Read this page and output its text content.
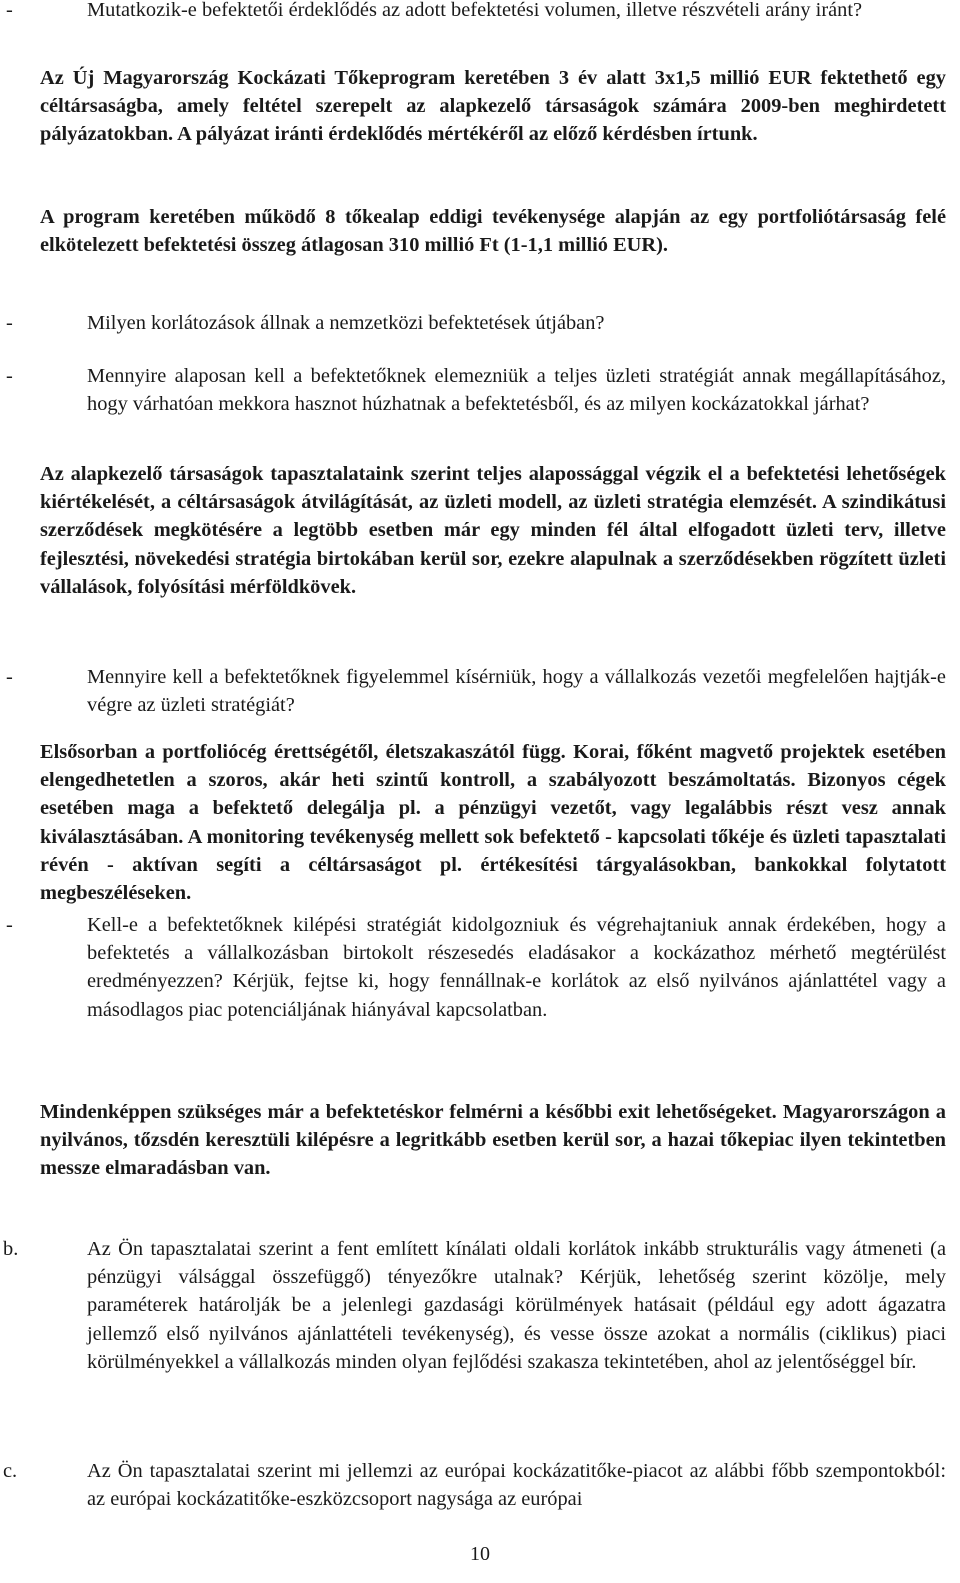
-	Mutatkozik-e befektetői érdeklődés az adott befektetési volumen, illetve részvételi arány iránt?

Az Új Magyarország Kockázati Tőkeprogram keretében 3 év alatt 3x1,5 millió EUR fektethető egy céltársaságba, amely feltétel szerepelt az alapkezelő társaságok számára 2009-ben meghirdetett pályázatokban. A pályázat iránti érdeklődés mértékéről az előző kérdésben írtunk.

A program keretében működő 8 tőkealap eddigi tevékenysége alapján az egy portfoliótársaság felé elkötelezett befektetési összeg átlagosan 310 millió Ft (1-1,1 millió EUR).

-	Milyen korlátozások állnak a nemzetközi befektetések útjában?

-	Mennyire alaposan kell a befektetőknek elemezniük a teljes üzleti stratégiát annak megállapításához, hogy várhatóan mekkora hasznot húzhatnak a befektetésből, és az milyen kockázatokkal járhat?

Az alapkezelő társaságok tapasztalataink szerint teljes alapossággal végzik el a befektetési lehetőségek kiértékelését, a céltársaságok átvilágítását, az üzleti modell, az üzleti stratégia elemzését. A szindikátusi szerződések megkötésére a legtöbb esetben már egy minden fél által elfogadott üzleti terv, illetve fejlesztési, növekedési stratégia birtokában kerül sor, ezekre alapulnak a szerződésekben rögzített üzleti vállalások, folyósítási mérföldkövek.

-	Mennyire kell a befektetőknek figyelemmel kísérniük, hogy a vállalkozás vezetői megfelelően hajtják-e végre az üzleti stratégiát?

Elsősorban a portfoliócég érettségétől, életszakaszától függ. Korai, főként magvető projektek esetében elengedhetetlen a szoros, akár heti szintű kontroll, a szabályozott beszámoltatás. Bizonyos cégek esetében maga a befektető delegálja pl. a pénzügyi vezetőt, vagy legalábbis részt vesz annak kiválasztásában. A monitoring tevékenység mellett sok befektető - kapcsolati tőkéje és üzleti tapasztalati révén - aktívan segíti a céltársaságot pl. értékesítési tárgyalásokban, bankokkal folytatott megbeszéléseken.

-	Kell-e a befektetőknek kilépési stratégiát kidolgozniuk és végrehajtaniuk annak érdekében, hogy a befektetés a vállalkozásban birtokolt részesedés eladásakor a kockázathoz mérhető megtérülést eredményezzen? Kérjük, fejtse ki, hogy fennállnak-e korlátok az első nyilvános ajánlattétel vagy a másodlagos piac potenciáljának hiányával kapcsolatban.

Mindenképpen szükséges már a befektetéskor felmérni a későbbi exit lehetőségeket. Magyarországon a nyilvános, tőzsdén keresztüli kilépésre a legritkább esetben kerül sor, a hazai tőkepiac ilyen tekintetben messze elmaradásban van.

b.	Az Ön tapasztalatai szerint a fent említett kínálati oldali korlátok inkább strukturális vagy átmeneti (a pénzügyi válsággal összefüggő) tényezőkre utalnak? Kérjük, lehetőség szerint közölje, mely paraméterek határolják be a jelenlegi gazdasági körülmények hatásait (például egy adott ágazatra jellemző első nyilvános ajánlattételi tevékenység), és vesse össze azokat a normális (ciklikus) piaci körülményekkel a vállalkozás minden olyan fejlődési szakasza tekintetében, ahol az jelentőséggel bír.

c.	Az Ön tapasztalatai szerint mi jellemzi az európai kockázatitőke-piacot az alábbi főbb szempontokból: az európai kockázatitőke-eszközcsoport nagysága az európai

10
